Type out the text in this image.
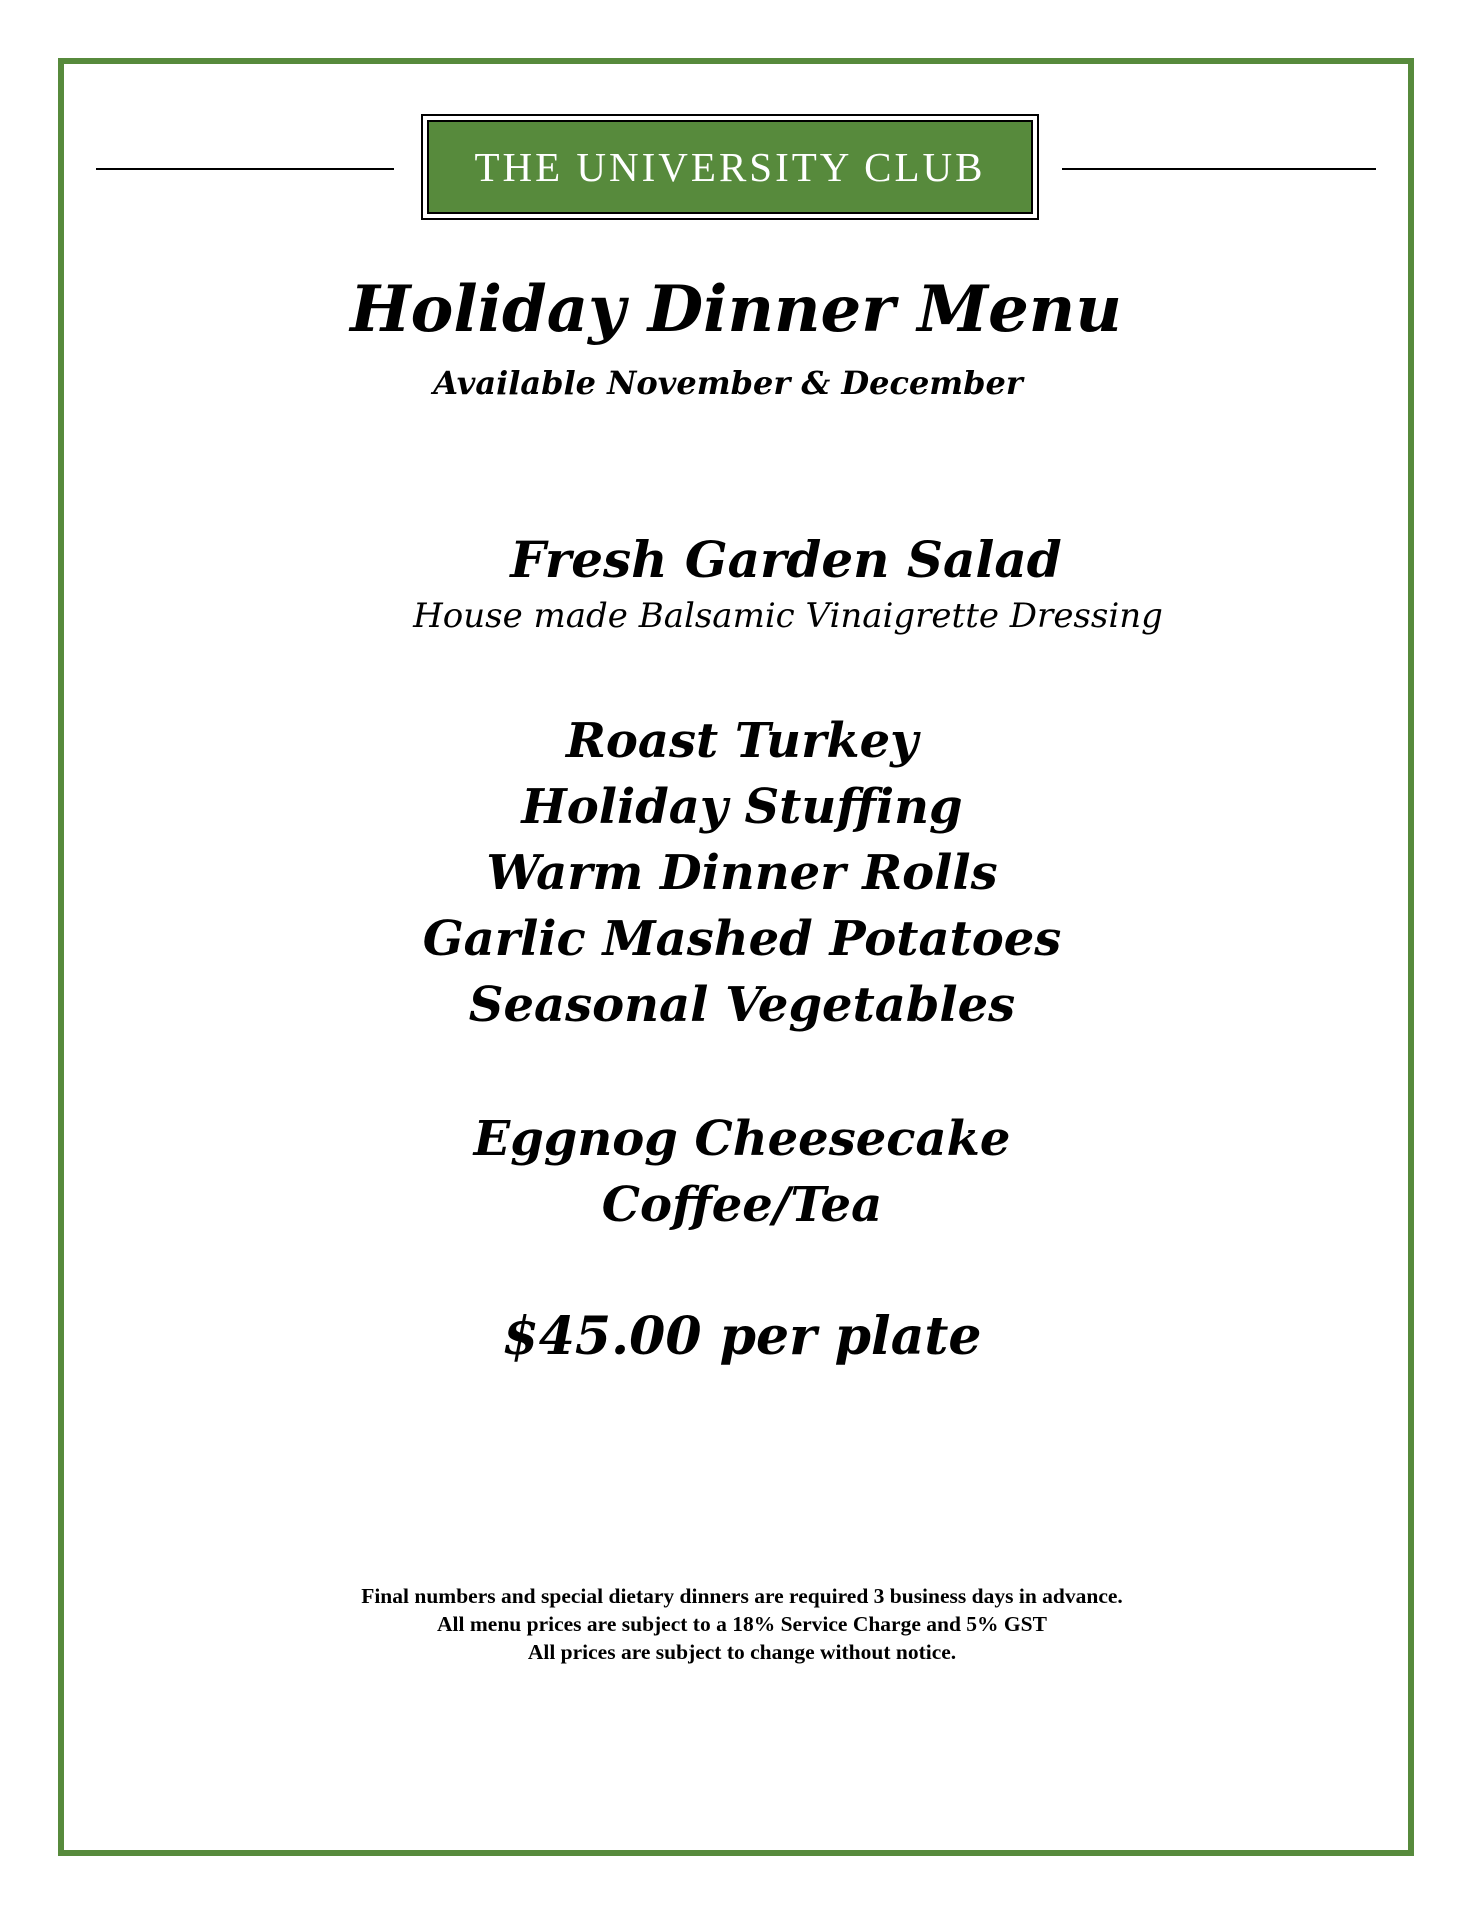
THE UNIVERSITY CLUB
Holiday Dinner Menu
Available November & December
Fresh Garden Salad
House made Balsamic Vinaigrette Dressing
Roast Turkey
Holiday Stuffing
Warm Dinner Rolls
Garlic Mashed Potatoes
Seasonal Vegetables
Eggnog Cheesecake
Coffee/Tea
$45.00 per plate
Final numbers and special dietary dinners are required 3 business days in advance.
All menu prices are subject to a 18% Service Charge and 5% GST
All prices are subject to change without notice.
